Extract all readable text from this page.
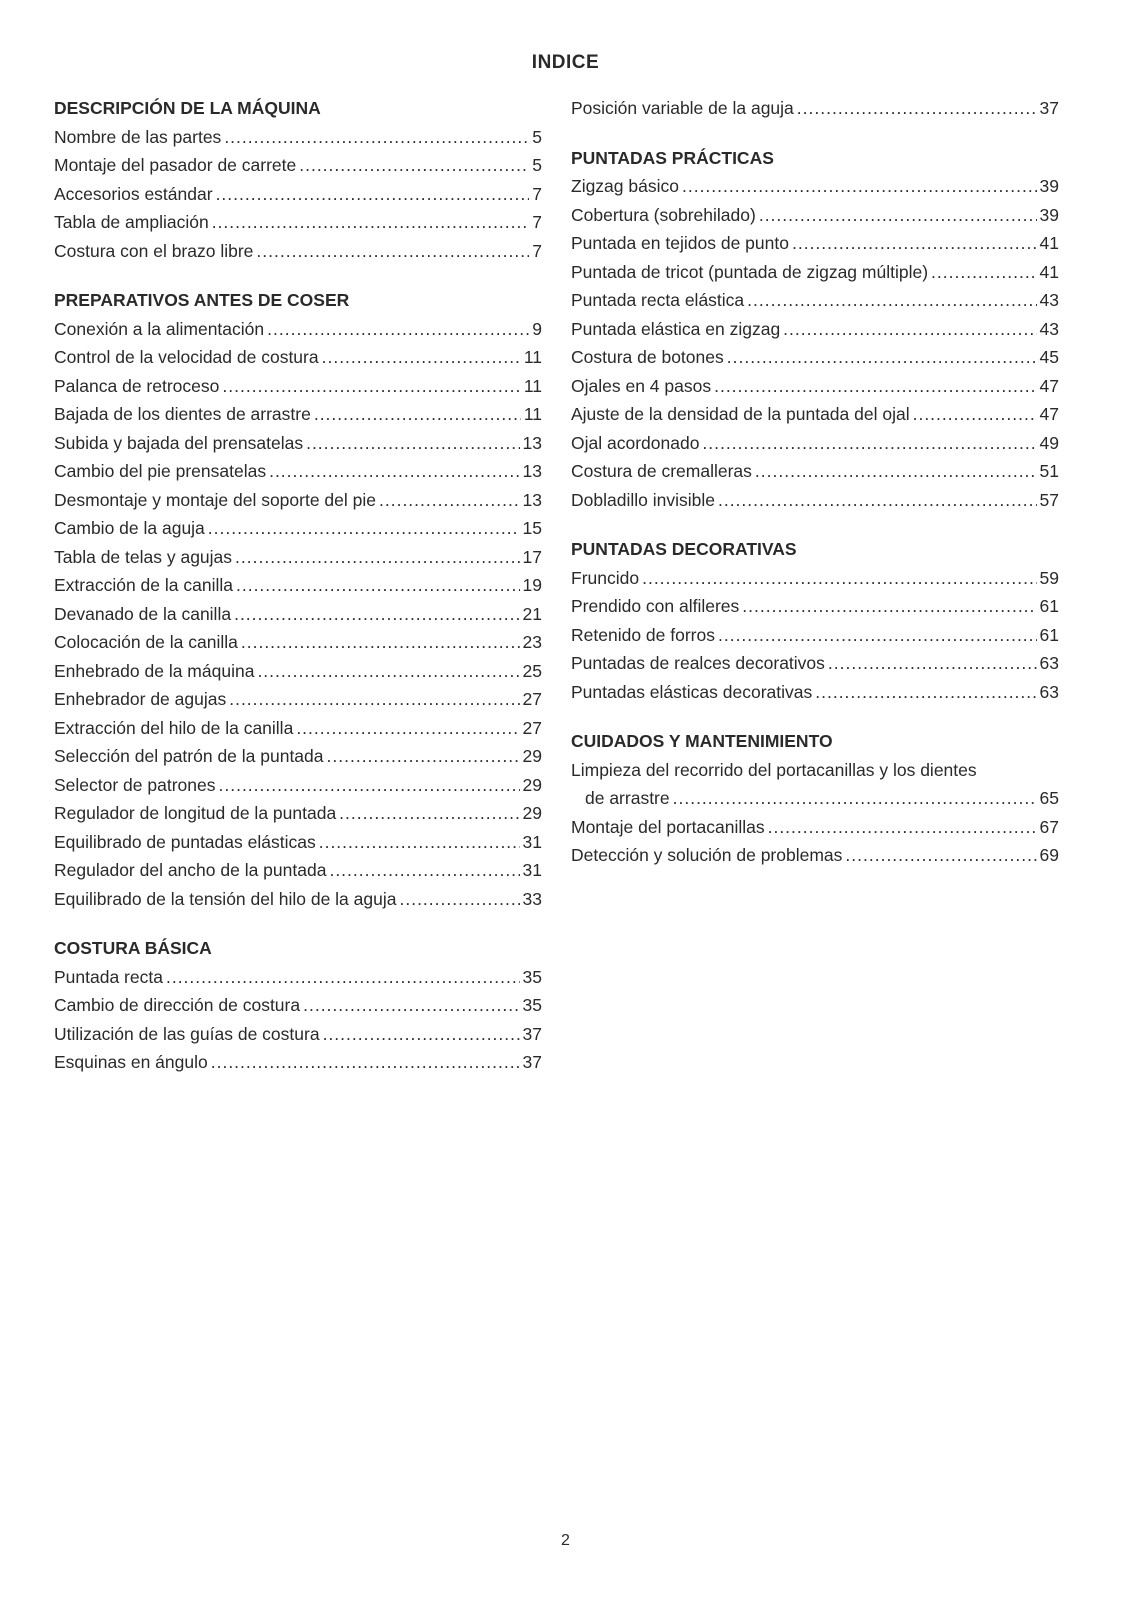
INDICE
DESCRIPCIÓN DE LA MÁQUINA
Nombre de las partes .....	5
Montaje del pasador de carrete .....	5
Accesorios estándar .....	7
Tabla de ampliación .....	7
Costura con el brazo libre .....	7
PREPARATIVOS ANTES DE COSER
Conexión a la alimentación .....	9
Control de la velocidad de costura .....	11
Palanca de retroceso .....	11
Bajada de los dientes de arrastre .....	11
Subida y bajada del prensatelas .....	13
Cambio del pie prensatelas .....	13
Desmontaje y montaje del soporte del pie .....	13
Cambio de la aguja .....	15
Tabla de telas y agujas .....	17
Extracción de la canilla .....	19
Devanado de la canilla .....	21
Colocación de la canilla .....	23
Enhebrado de la máquina .....	25
Enhebrador de agujas .....	27
Extracción del hilo de la canilla .....	27
Selección del patrón de la puntada .....	29
Selector de patrones .....	29
Regulador de longitud de la puntada .....	29
Equilibrado de puntadas elásticas .....	31
Regulador del ancho de la puntada .....	31
Equilibrado de la tensión del hilo de la aguja .....	33
COSTURA BÁSICA
Puntada recta .....	35
Cambio de dirección de costura .....	35
Utilización de las guías de costura .....	37
Esquinas en ángulo .....	37
Posición variable de la aguja .....	37
PUNTADAS PRÁCTICAS
Zigzag básico .....	39
Cobertura (sobrehilado) .....	39
Puntada en tejidos de punto .....	41
Puntada de tricot (puntada de zigzag múltiple) .....	41
Puntada recta elástica .....	43
Puntada elástica en zigzag .....	43
Costura de botones .....	45
Ojales en 4 pasos .....	47
Ajuste de la densidad de la puntada del ojal .....	47
Ojal acordonado .....	49
Costura de cremalleras .....	51
Dobladillo invisible .....	57
PUNTADAS DECORATIVAS
Fruncido .....	59
Prendido con alfileres .....	61
Retenido de forros .....	61
Puntadas de realces decorativos .....	63
Puntadas elásticas decorativas .....	63
CUIDADOS Y MANTENIMIENTO
Limpieza del recorrido del portacanillas y los dientes
de arrastre .....	65
Montaje del portacanillas .....	67
Detección y solución de problemas .....	69
2
